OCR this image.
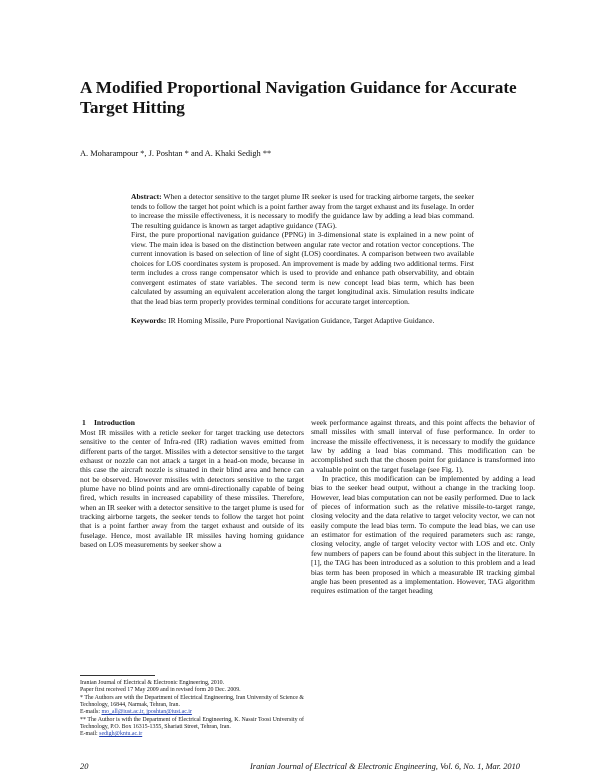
A Modified Proportional Navigation Guidance for Accurate Target Hitting
A. Moharampour *, J. Poshtan * and A. Khaki Sedigh **

Abstract: When a detector sensitive to the target plume IR seeker is used for tracking airborne targets, the seeker tends to follow the target hot point which is a point farther away from the target exhaust and its fuselage. In order to increase the missile effectiveness, it is necessary to modify the guidance law by adding a lead bias command. The resulting guidance is known as target adaptive guidance (TAG).

First, the pure proportional navigation guidance (PPNG) in 3-dimensional state is explained in a new point of view. The main idea is based on the distinction between angular rate vector and rotation vector conceptions. The current innovation is based on selection of line of sight (LOS) coordinates. A comparison between two available choices for LOS coordinates system is proposed. An improvement is made by adding two additional terms. First term includes a cross range compensator which is used to provide and enhance path observability, and obtain convergent estimates of state variables. The second term is new concept lead bias term, which has been calculated by assuming an equivalent acceleration along the target longitudinal axis. Simulation results indicate that the lead bias term properly provides terminal conditions for accurate target interception.

Keywords: IR Homing Missile, Pure Proportional Navigation Guidance, Target Adaptive Guidance.

1 Introduction

Most IR missiles with a reticle seeker for target tracking use detectors sensitive to the center of Infra-red (IR) radiation waves emitted from different parts of the target. Missiles with a detector sensitive to the target exhaust or nozzle can not attack a target in a head-on mode, because in this case the aircraft nozzle is situated in their blind area and hence can not be observed. However missiles with detectors sensitive to the target plume have no blind points and are omni-directionally capable of being fired, which results in increased capability of these missiles. Therefore, when an IR seeker with a detector sensitive to the target plume is used for tracking airborne targets, the seeker tends to follow the target hot point that is a point farther away from the target exhaust and outside of its fuselage. Hence, most available IR missiles having homing guidance based on LOS measurements by seeker show a

Iranian Journal of Electrical & Electronic Engineering, 2010.

Paper first received 17 May 2009 and in revised form 20 Dec. 2009.

* The Authors are with the Department of Electrical Engineering, Iran University of Science & Technology, 16844, Narmak, Tehran, Iran.

E-mails: mo_all@iust.ac.ir, jposhtan@iust.ac.ir

** The Author is with the Department of Electrical Engineering, K. Nassir Toosi University of Technology, P.O. Box 16315-1355, Shariati Street, Tehran, Iran.

E-mail: sedigh@kntu.ac.ir

week performance against threats, and this point affects the behavior of small missiles with small interval of fuse performance. In order to increase the missile effectiveness, it is necessary to modify the guidance law by adding a lead bias command. This modification can be accomplished such that the chosen point for guidance is transformed into a valuable point on the target fuselage (see Fig. 1).

In practice, this modification can be implemented by adding a lead bias to the seeker head output, without a change in the tracking loop. However, lead bias computation can not be easily performed. Due to lack of pieces of information such as the relative missile-to-target range, closing velocity and the data relative to target velocity vector, we can not easily compute the lead bias term. To compute the lead bias, we can use an estimator for estimation of the required parameters such as: range, closing velocity, angle of target velocity vector with LOS and etc. Only few numbers of papers can be found about this subject in the literature. In [1], the TAG has been introduced as a solution to this problem and a lead bias term has been proposed in which a measurable IR tracking gimbal angle has been presented as a implementation. However, TAG algorithm requires estimation of the target heading

20	Iranian Journal of Electrical & Electronic Engineering, Vol. 6, No. 1, Mar. 2010
